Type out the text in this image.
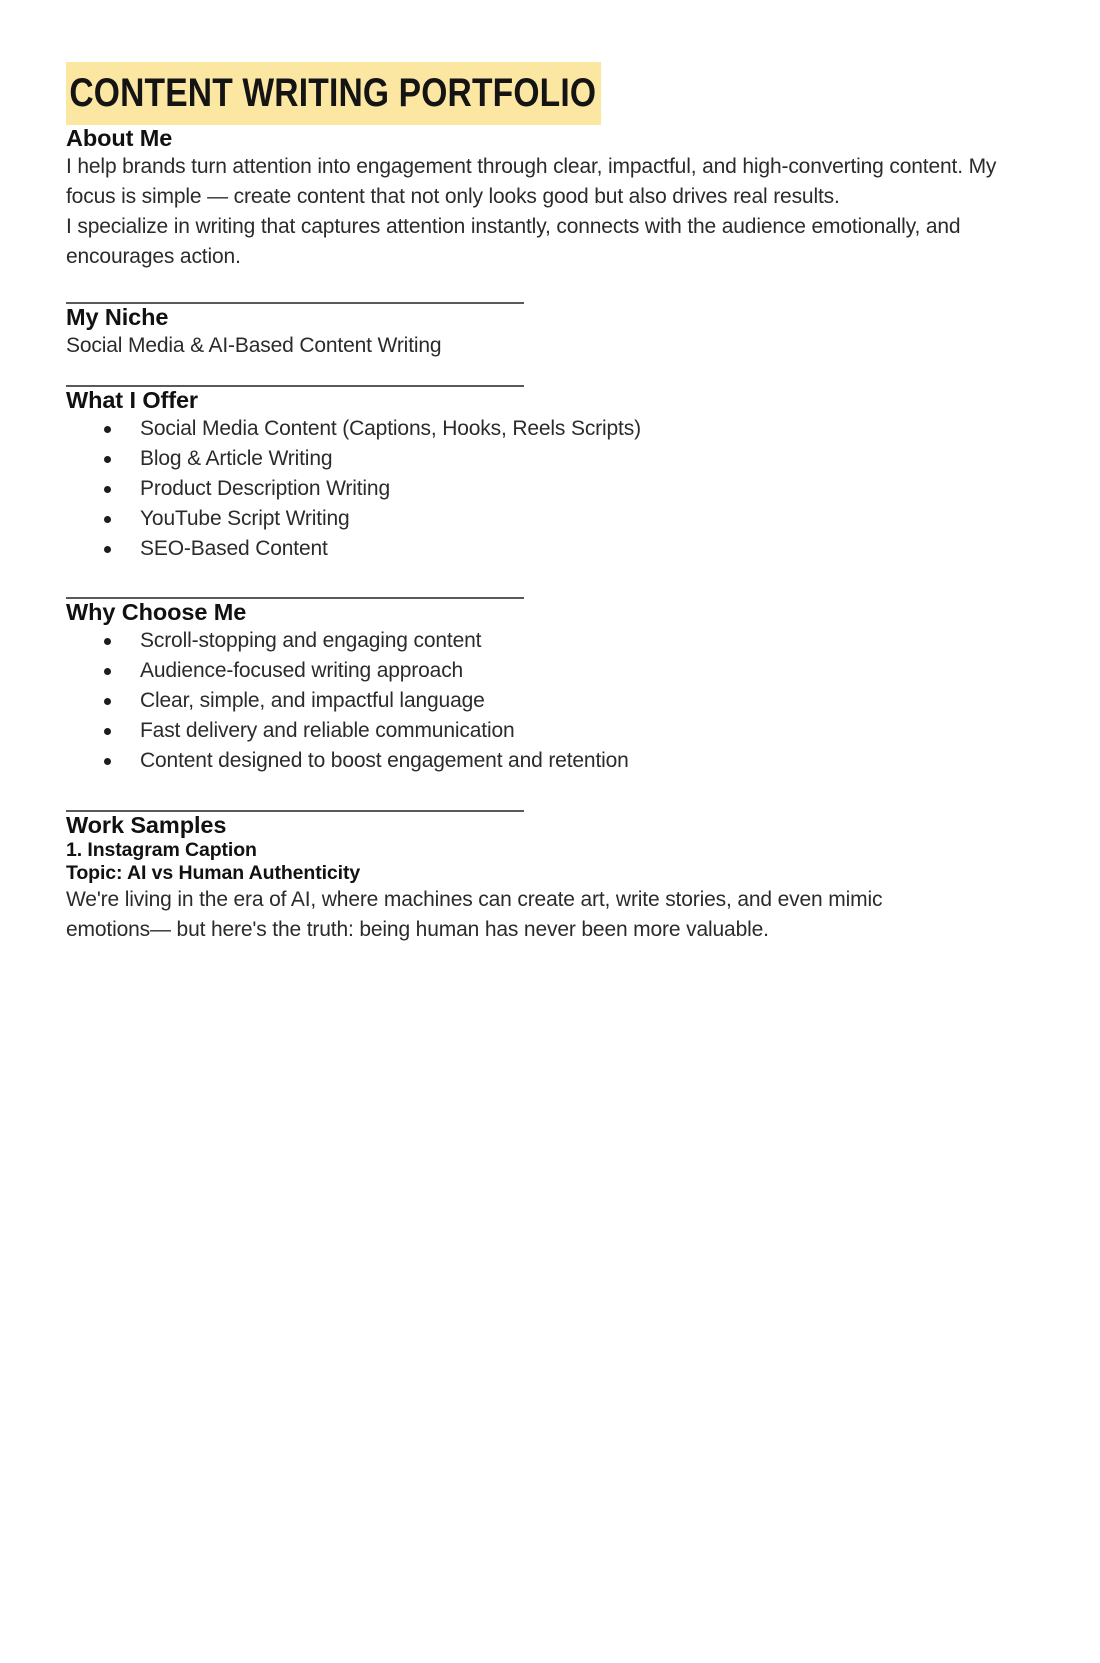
CONTENT WRITING PORTFOLIO
About Me

I help brands turn attention into engagement through clear, impactful, and high-converting content. My
focus is simple — create content that not only looks good but also drives real results.

I specialize in writing that captures attention instantly, connects with the audience emotionally, and
encourages action.

My Niche

Social Media & AI-Based Content Writing

What I Offer
Social Media Content (Captions, Hooks, Reels Scripts)
Blog & Article Writing
Product Description Writing
YouTube Script Writing
SEO-Based Content
Why Choose Me
Scroll-stopping and engaging content
Audience-focused writing approach
Clear, simple, and impactful language
Fast delivery and reliable communication
Content designed to boost engagement and retention
Work Samples
1. Instagram Caption
Topic: AI vs Human Authenticity

We're living in the era of AI, where machines can create art, write stories, and even mimic
emotions— but here's the truth: being human has never been more valuable.
